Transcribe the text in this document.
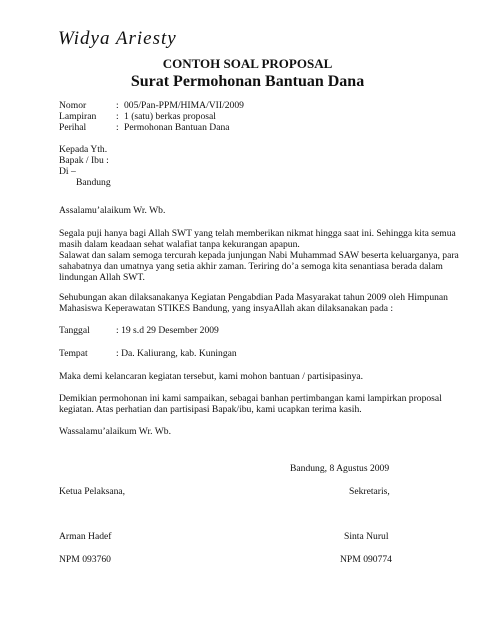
Widya Ariesty
CONTOH SOAL PROPOSAL
Surat Permohonan Bantuan Dana
Nomor	: 005/Pan-PPM/HIMA/VII/2009
Lampiran : 1 (satu) berkas proposal
Perihal	: Permohonan Bantuan Dana
Kepada Yth.
Bapak / Ibu :
Di –
Bandung
Assalamu’alaikum Wr. Wb.
Segala puji hanya bagi Allah SWT yang telah memberikan nikmat hingga saat ini. Sehingga kita semua
masih dalam keadaan sehat walafiat tanpa kekurangan apapun.
Salawat dan salam semoga tercurah kepada junjungan Nabi Muhammad SAW beserta keluarganya, para
sahabatnya dan umatnya yang setia akhir zaman. Teriring do’a semoga kita senantiasa berada dalam
lindungan Allah SWT.
Sehubungan akan dilaksanakanya Kegiatan Pengabdian Pada Masyarakat tahun 2009 oleh Himpunan
Mahasiswa Keperawatan STIKES Bandung, yang insyaAllah akan dilaksanakan pada :
Tanggal	: 19 s.d 29 Desember 2009
Tempat	: Da. Kaliurang, kab. Kuningan
Maka demi kelancaran kegiatan tersebut, kami mohon bantuan / partisipasinya.
Demikian permohonan ini kami sampaikan, sebagai banhan pertimbangan kami lampirkan proposal
kegiatan. Atas perhatian dan partisipasi Bapak/ibu, kami ucapkan terima kasih.
Wassalamu’alaikum Wr. Wb.
Bandung, 8 Agustus 2009
Ketua Pelaksana,	Sekretaris,
Arman Hadef	Sinta Nurul
NPM 093760	NPM 090774
